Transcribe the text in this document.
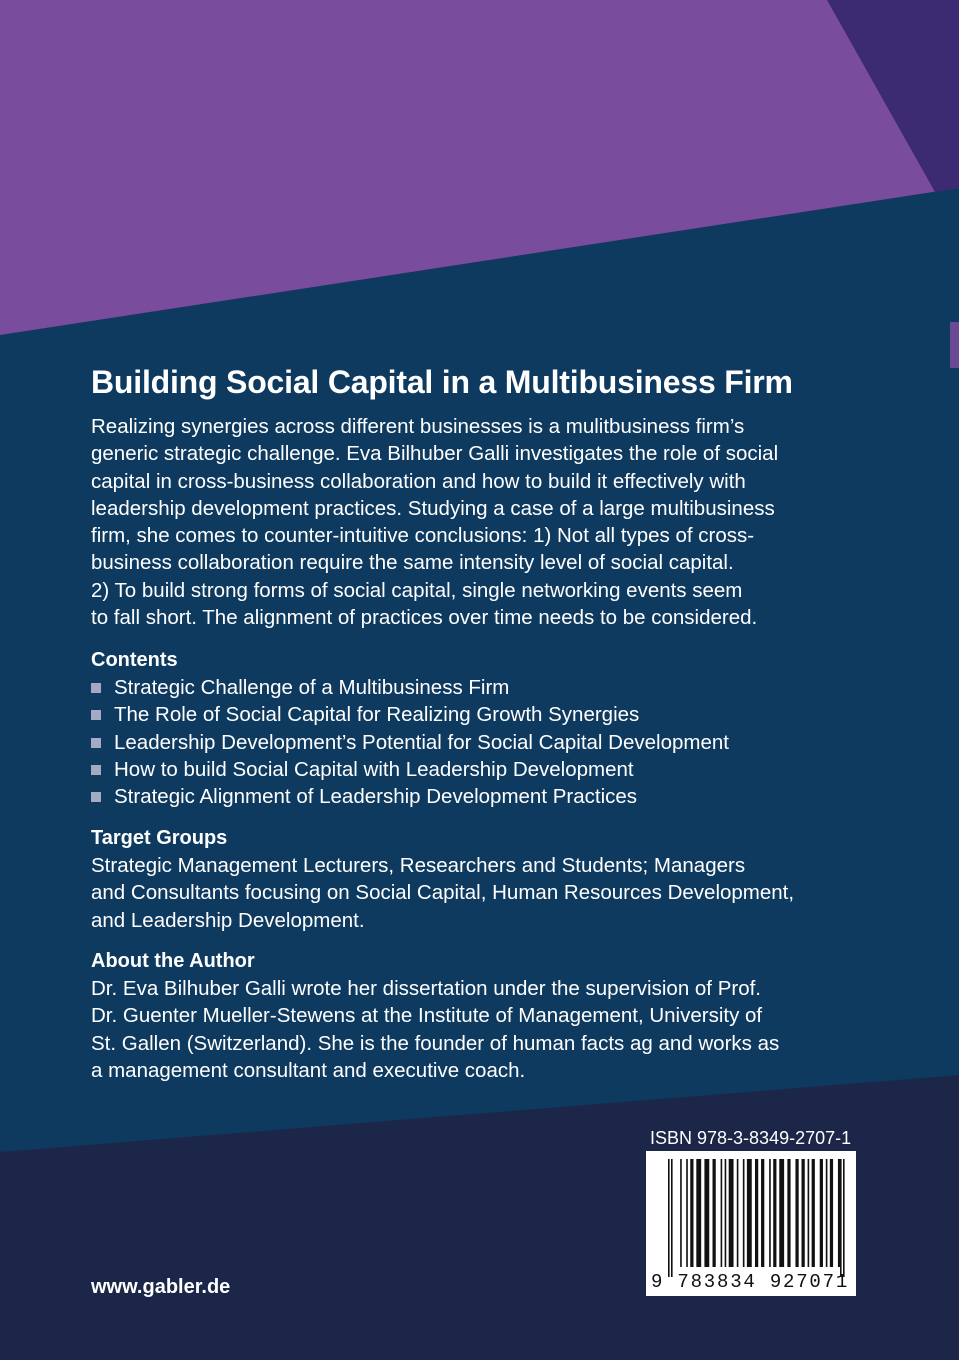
Building Social Capital in a Multibusiness Firm
Realizing synergies across different businesses is a mulitbusiness firm’s
generic strategic challenge. Eva Bilhuber Galli investigates the role of social
capital in cross-business collaboration and how to build it effectively with
leadership development practices. Studying a case of a large multibusiness
firm, she comes to counter-intuitive conclusions: 1) Not all types of cross-
business collaboration require the same intensity level of social capital.
2) To build strong forms of social capital, single networking events seem
to fall short. The alignment of practices over time needs to be considered.
Contents
Strategic Challenge of a Multibusiness Firm
The Role of Social Capital for Realizing Growth Synergies
Leadership Development’s Potential for Social Capital Development
How to build Social Capital with Leadership Development
Strategic Alignment of Leadership Development Practices
Target Groups
Strategic Management Lecturers, Researchers and Students; Managers
and Consultants focusing on Social Capital, Human Resources Development,
and Leadership Development.
About the Author
Dr. Eva Bilhuber Galli wrote her dissertation under the supervision of Prof.
Dr. Guenter Mueller-Stewens at the Institute of Management, University of
St. Gallen (Switzerland). She is the founder of human facts ag and works as
a management consultant and executive coach.
ISBN 978-3-8349-2707-1
9 783834 927071
www.gabler.de
